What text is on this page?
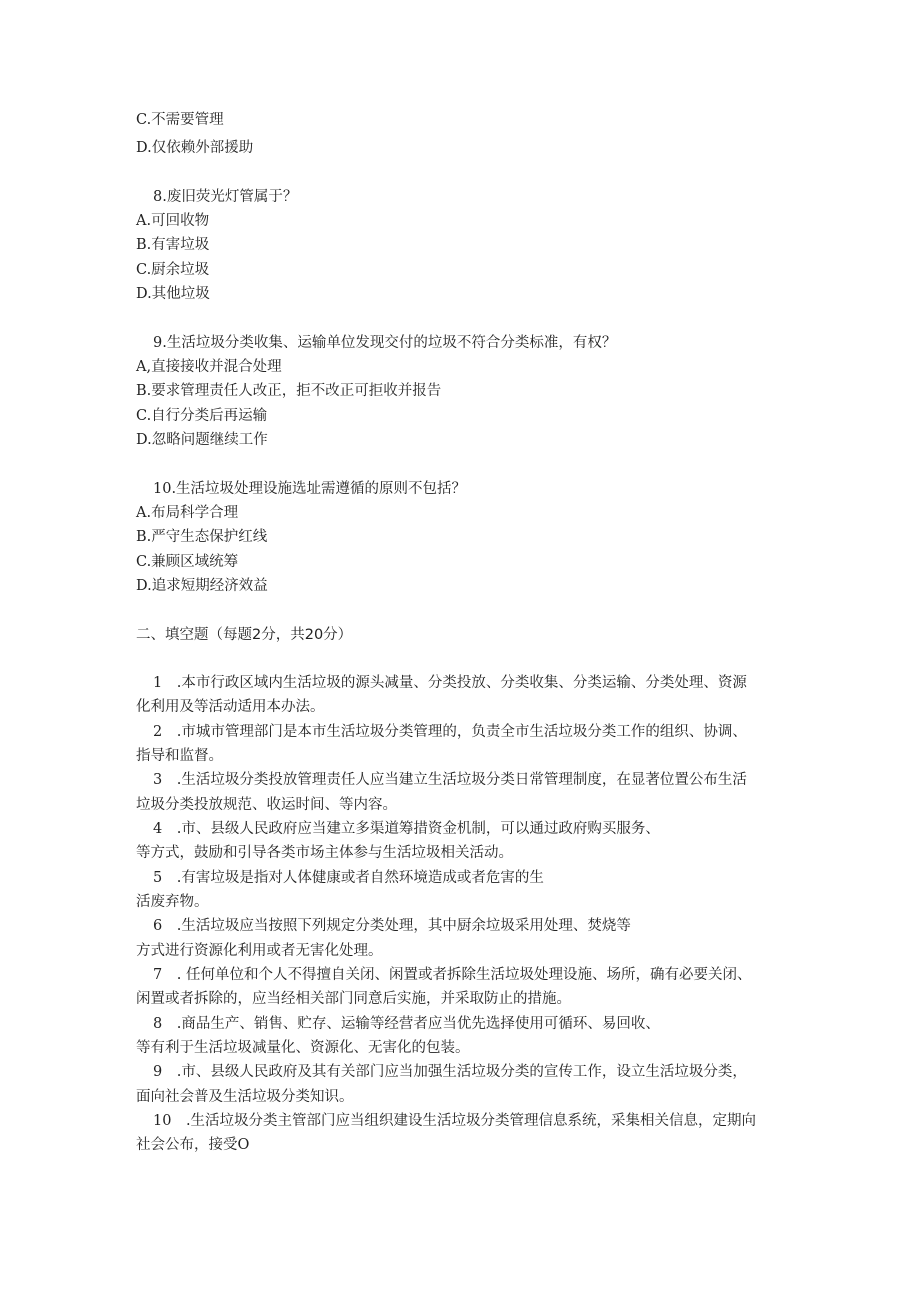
C.不需要管理
D.仅依赖外部援助
8.废旧荧光灯管属于？
A.可回收物
B.有害垃圾
C.厨余垃圾
D.其他垃圾
9.生活垃圾分类收集、运输单位发现交付的垃圾不符合分类标准，有权？
A,直接接收并混合处理
B.要求管理责任人改正，拒不改正可拒收并报告
C.自行分类后再运输
D.忽略问题继续工作
10.生活垃圾处理设施选址需遵循的原则不包括？
A.布局科学合理
B.严守生态保护红线
C.兼顾区域统筹
D.追求短期经济效益
二、填空题（每题2分，共20分）
1　.本市行政区域内生活垃圾的源头减量、分类投放、分类收集、分类运输、分类处理、资源
化利用及等活动适用本办法。
2　.市城市管理部门是本市生活垃圾分类管理的，负责全市生活垃圾分类工作的组织、协调、
指导和监督。
3　.生活垃圾分类投放管理责任人应当建立生活垃圾分类日常管理制度，在显著位置公布生活
垃圾分类投放规范、收运时间、等内容。
4　.市、县级人民政府应当建立多渠道筹措资金机制，可以通过政府购买服务、
等方式，鼓励和引导各类市场主体参与生活垃圾相关活动。
5　.有害垃圾是指对人体健康或者自然环境造成或者危害的生
活废弃物。
6　.生活垃圾应当按照下列规定分类处理，其中厨余垃圾采用处理、焚烧等
方式进行资源化利用或者无害化处理。
7　. 任何单位和个人不得擅自关闭、闲置或者拆除生活垃圾处理设施、场所，确有必要关闭、
闲置或者拆除的，应当经相关部门同意后实施，并采取防止的措施。
8　.商品生产、销售、贮存、运输等经营者应当优先选择使用可循环、易回收、
等有利于生活垃圾减量化、资源化、无害化的包装。
9　.市、县级人民政府及其有关部门应当加强生活垃圾分类的宣传工作，设立生活垃圾分类，
面向社会普及生活垃圾分类知识。
10　.生活垃圾分类主管部门应当组织建设生活垃圾分类管理信息系统，采集相关信息，定期向
社会公布，接受O
